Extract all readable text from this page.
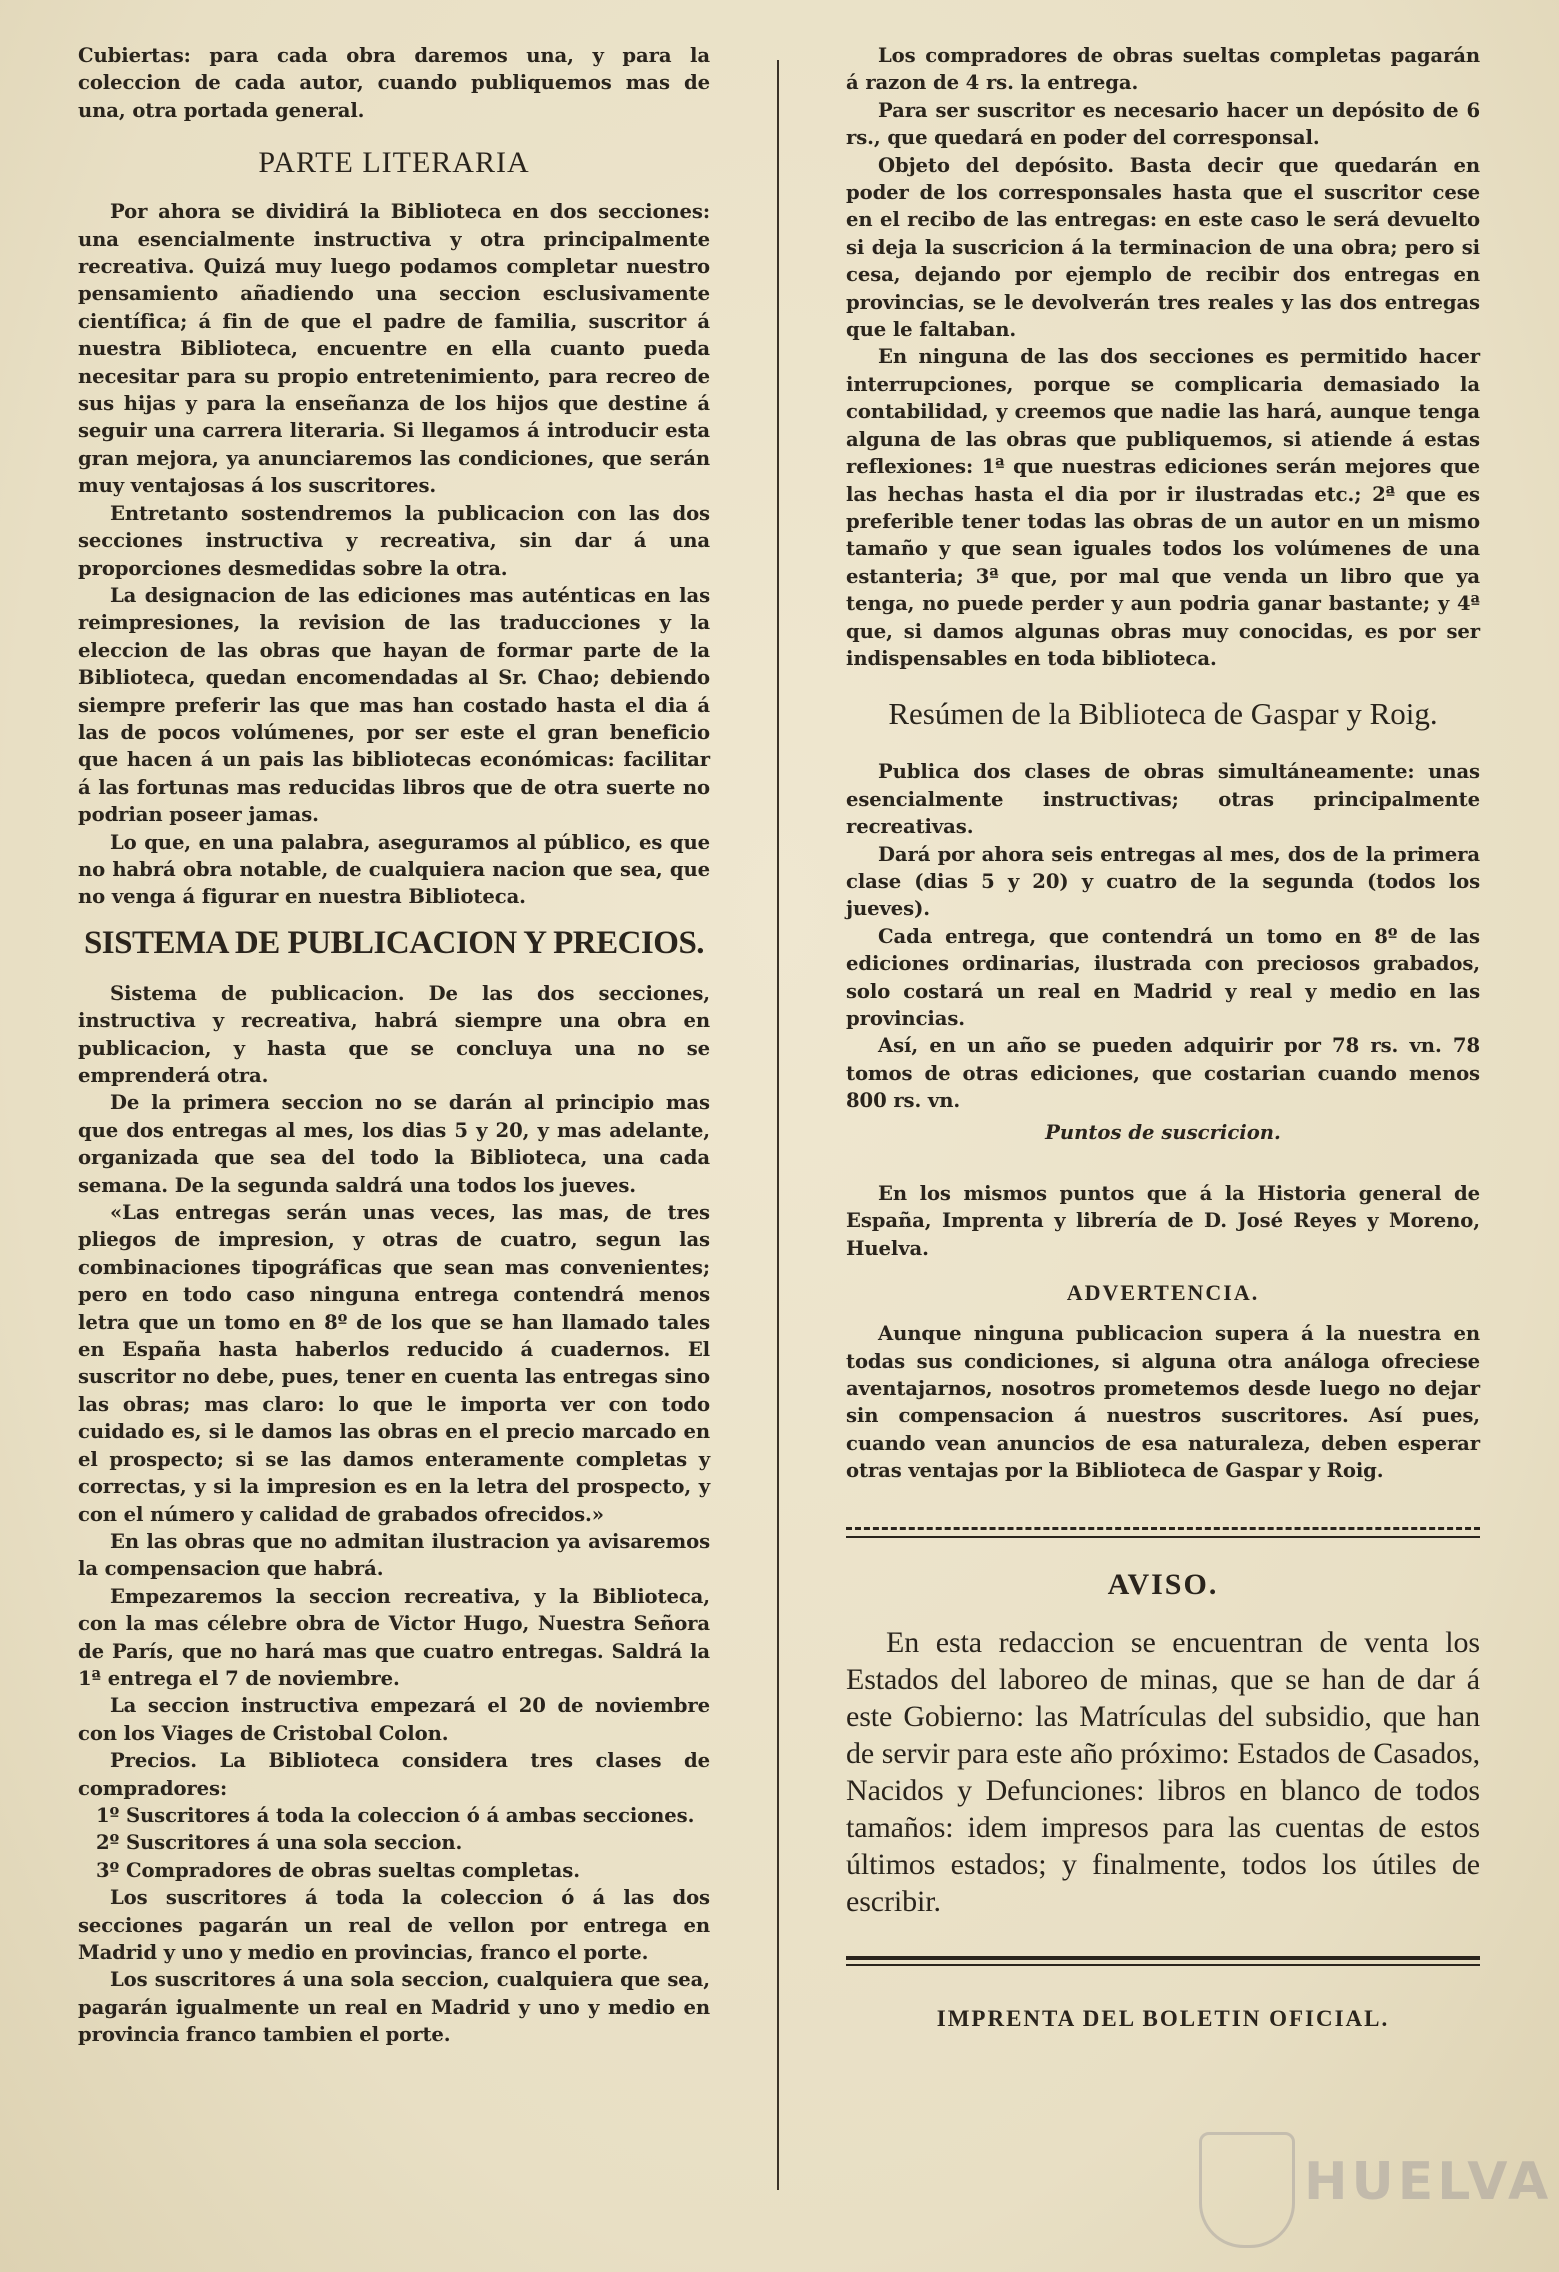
Cubiertas: para cada obra daremos una, y para la coleccion de cada autor, cuando publiquemos mas de una, otra portada general.

PARTE LITERARIA

Por ahora se dividirá la Biblioteca en dos secciones: una esencialmente instructiva y otra principalmente recreativa. Quizá muy luego podamos completar nuestro pensamiento añadiendo una seccion esclusivamente científica; á fin de que el padre de familia, suscritor á nuestra Biblioteca, encuentre en ella cuanto pueda necesitar para su propio entretenimiento, para recreo de sus hijas y para la enseñanza de los hijos que destine á seguir una carrera literaria. Si llegamos á introducir esta gran mejora, ya anunciaremos las condiciones, que serán muy ventajosas á los suscritores.

Entretanto sostendremos la publicacion con las dos secciones instructiva y recreativa, sin dar á una proporciones desmedidas sobre la otra.

La designacion de las ediciones mas auténticas en las reimpresiones, la revision de las traducciones y la eleccion de las obras que hayan de formar parte de la Biblioteca, quedan encomendadas al Sr. Chao; debiendo siempre preferir las que mas han costado hasta el dia á las de pocos volúmenes, por ser este el gran beneficio que hacen á un pais las bibliotecas económicas: facilitar á las fortunas mas reducidas libros que de otra suerte no podrian poseer jamas.

Lo que, en una palabra, aseguramos al público, es que no habrá obra notable, de cualquiera nacion que sea, que no venga á figurar en nuestra Biblioteca.

SISTEMA DE PUBLICACION Y PRECIOS.

Sistema de publicacion. De las dos secciones, instructiva y recreativa, habrá siempre una obra en publicacion, y hasta que se concluya una no se emprenderá otra.

De la primera seccion no se darán al principio mas que dos entregas al mes, los dias 5 y 20, y mas adelante, organizada que sea del todo la Biblioteca, una cada semana. De la segunda saldrá una todos los jueves.

«Las entregas serán unas veces, las mas, de tres pliegos de impresion, y otras de cuatro, segun las combinaciones tipográficas que sean mas convenientes; pero en todo caso ninguna entrega contendrá menos letra que un tomo en 8º de los que se han llamado tales en España hasta haberlos reducido á cuadernos. El suscritor no debe, pues, tener en cuenta las entregas sino las obras; mas claro: lo que le importa ver con todo cuidado es, si le damos las obras en el precio marcado en el prospecto; si se las damos enteramente completas y correctas, y si la impresion es en la letra del prospecto, y con el número y calidad de grabados ofrecidos.»

En las obras que no admitan ilustracion ya avisaremos la compensacion que habrá.

Empezaremos la seccion recreativa, y la Biblioteca, con la mas célebre obra de Victor Hugo, Nuestra Señora de París, que no hará mas que cuatro entregas. Saldrá la 1ª entrega el 7 de noviembre.

La seccion instructiva empezará el 20 de noviembre con los Viages de Cristobal Colon.

Precios. La Biblioteca considera tres clases de compradores:

1º Suscritores á toda la coleccion ó á ambas secciones.

2º Suscritores á una sola seccion.

3º Compradores de obras sueltas completas.

Los suscritores á toda la coleccion ó á las dos secciones pagarán un real de vellon por entrega en Madrid y uno y medio en provincias, franco el porte.

Los suscritores á una sola seccion, cualquiera que sea, pagarán igualmente un real en Madrid y uno y medio en provincia franco tambien el porte.

Los compradores de obras sueltas completas pagarán á razon de 4 rs. la entrega.

Para ser suscritor es necesario hacer un depósito de 6 rs., que quedará en poder del corresponsal.

Objeto del depósito. Basta decir que quedarán en poder de los corresponsales hasta que el suscritor cese en el recibo de las entregas: en este caso le será devuelto si deja la suscricion á la terminacion de una obra; pero si cesa, dejando por ejemplo de recibir dos entregas en provincias, se le devolverán tres reales y las dos entregas que le faltaban.

En ninguna de las dos secciones es permitido hacer interrupciones, porque se complicaria demasiado la contabilidad, y creemos que nadie las hará, aunque tenga alguna de las obras que publiquemos, si atiende á estas reflexiones: 1ª que nuestras ediciones serán mejores que las hechas hasta el dia por ir ilustradas etc.; 2ª que es preferible tener todas las obras de un autor en un mismo tamaño y que sean iguales todos los volúmenes de una estanteria; 3ª que, por mal que venda un libro que ya tenga, no puede perder y aun podria ganar bastante; y 4ª que, si damos algunas obras muy conocidas, es por ser indispensables en toda biblioteca.

Resúmen de la Biblioteca de Gaspar y Roig.

Publica dos clases de obras simultáneamente: unas esencialmente instructivas; otras principalmente recreativas.

Dará por ahora seis entregas al mes, dos de la primera clase (dias 5 y 20) y cuatro de la segunda (todos los jueves).

Cada entrega, que contendrá un tomo en 8º de las ediciones ordinarias, ilustrada con preciosos grabados, solo costará un real en Madrid y real y medio en las provincias.

Así, en un año se pueden adquirir por 78 rs. vn. 78 tomos de otras ediciones, que costarian cuando menos 800 rs. vn.

Puntos de suscricion.

En los mismos puntos que á la Historia general de España, Imprenta y librería de D. José Reyes y Moreno, Huelva.

ADVERTENCIA.

Aunque ninguna publicacion supera á la nuestra en todas sus condiciones, si alguna otra análoga ofreciese aventajarnos, nosotros prometemos desde luego no dejar sin compensacion á nuestros suscritores. Así pues, cuando vean anuncios de esa naturaleza, deben esperar otras ventajas por la Biblioteca de Gaspar y Roig.

AVISO.

En esta redaccion se encuentran de venta los Estados del laboreo de minas, que se han de dar á este Gobierno: las Matrículas del subsidio, que han de servir para este año próximo: Estados de Casados, Nacidos y Defunciones: libros en blanco de todos tamaños: idem impresos para las cuentas de estos últimos estados; y finalmente, todos los útiles de escribir.

IMPRENTA DEL BOLETIN OFICIAL.
HUELVA
